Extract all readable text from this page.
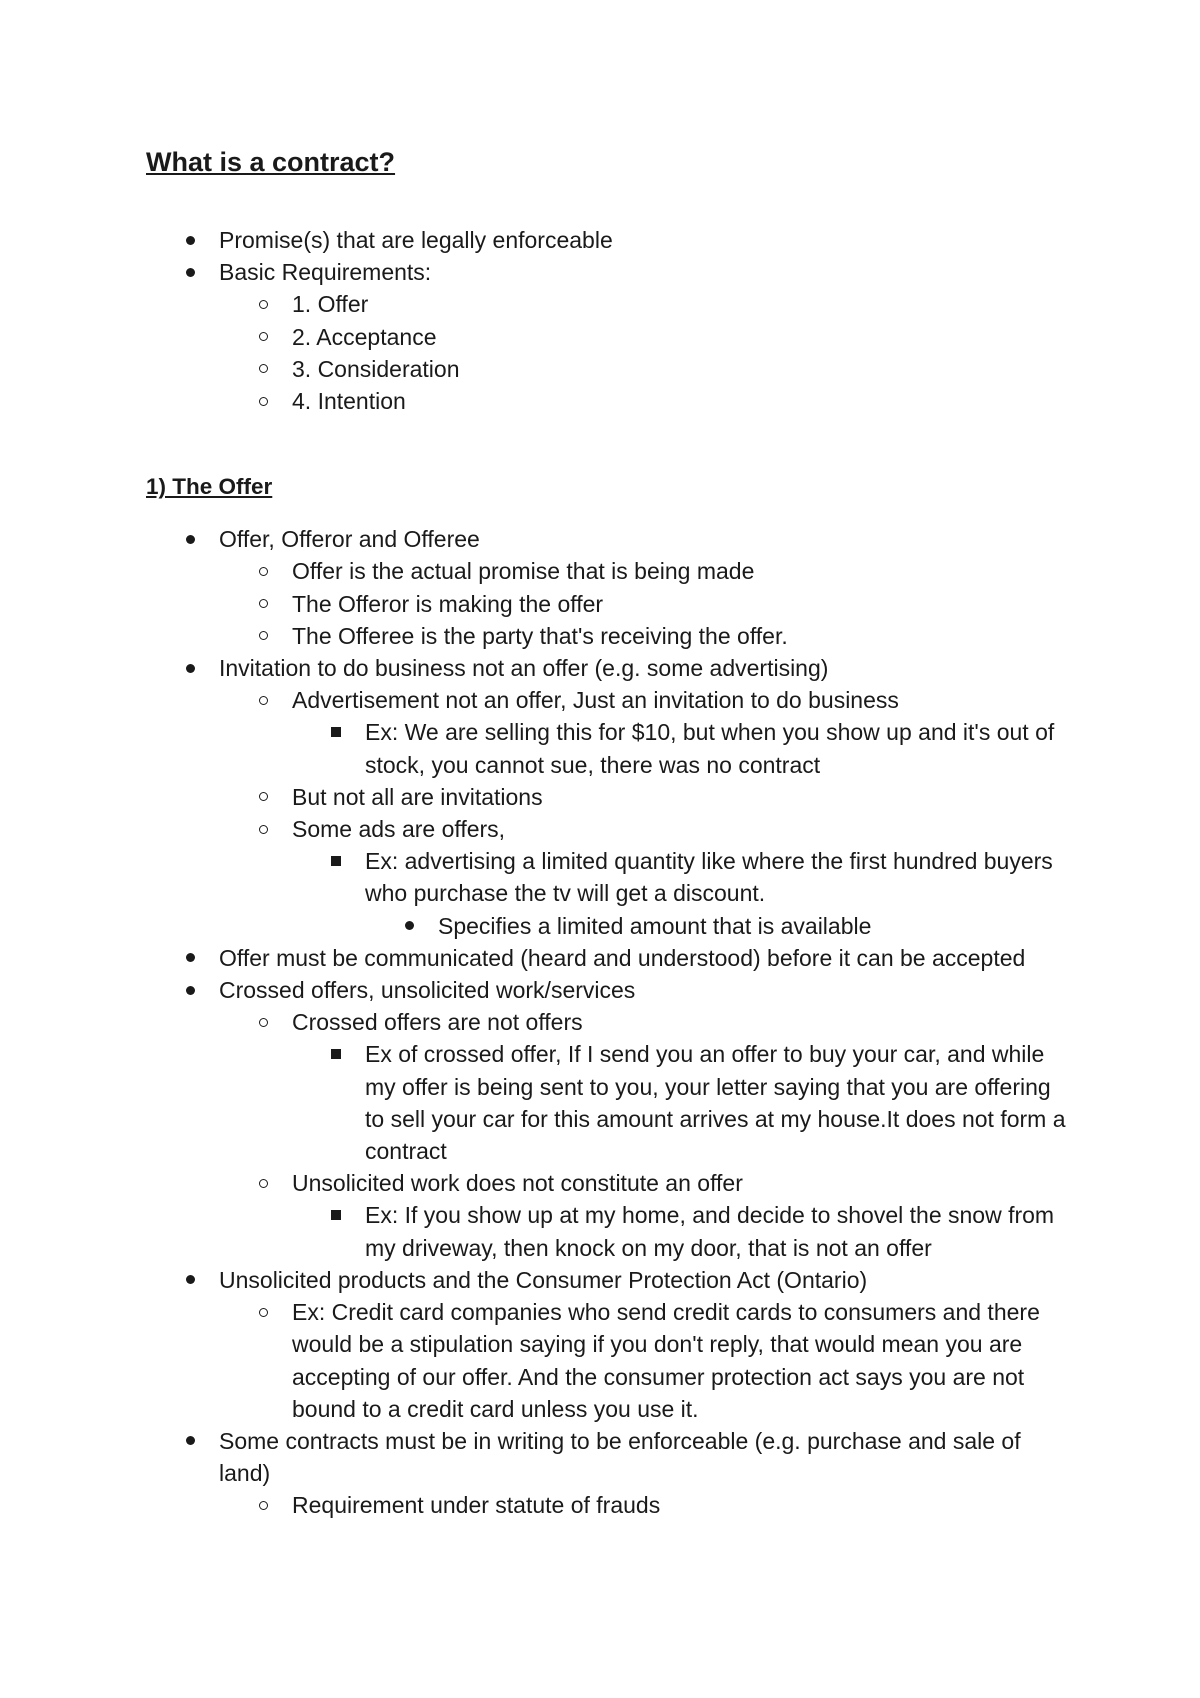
What is a contract?
Promise(s) that are legally enforceable
Basic Requirements:
1. Offer
2. Acceptance
3. Consideration
4. Intention
1) The Offer
Offer, Offeror and Offeree
Offer is the actual promise that is being made
The Offeror is making the offer
The Offeree is the party that's receiving the offer.
Invitation to do business not an offer (e.g. some advertising)
Advertisement not an offer, Just an invitation to do business
Ex: We are selling this for $10, but when you show up and it's out of stock, you cannot sue, there was no contract
But not all are invitations
Some ads are offers,
Ex: advertising a limited quantity like where the first hundred buyers who purchase the tv will get a discount.
Specifies a limited amount that is available
Offer must be communicated (heard and understood) before it can be accepted
Crossed offers, unsolicited work/services
Crossed offers are not offers
Ex of crossed offer, If I send you an offer to buy your car, and while my offer is being sent to you, your letter saying that you are offering to sell your car for this amount arrives at my house.It does not form a contract
Unsolicited work does not constitute an offer
Ex: If you show up at my home, and decide to shovel the snow from my driveway, then knock on my door, that is not an offer
Unsolicited products and the Consumer Protection Act (Ontario)
Ex: Credit card companies who send credit cards to consumers and there would be a stipulation saying if you don't reply, that would mean you are accepting of our offer. And the consumer protection act says you are not bound to a credit card unless you use it.
Some contracts must be in writing to be enforceable (e.g. purchase and sale of land)
Requirement under statute of frauds
